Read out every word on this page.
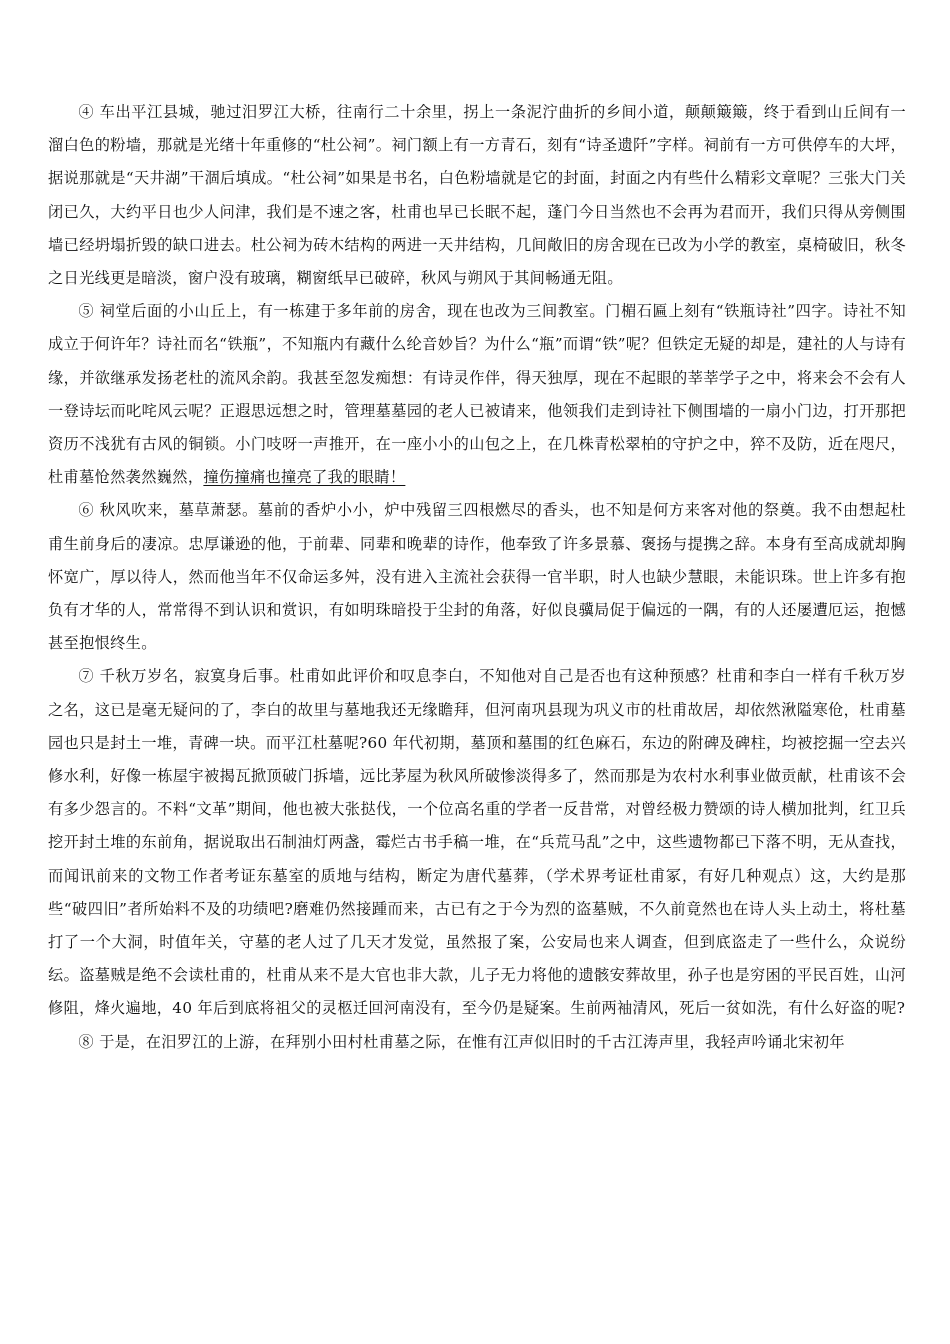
④ 车出平江县城，驰过汨罗江大桥，往南行二十余里，拐上一条泥泞曲折的乡间小道，颠颠簸簸，终于看到山丘间有一溜白色的粉墙，那就是光绪十年重修的“杜公祠”。祠门额上有一方青石，刻有“诗圣遗阡”字样。祠前有一方可供停车的大坪，据说那就是“天井湖”干涸后填成。“杜公祠”如果是书名，白色粉墙就是它的封面，封面之内有些什么精彩文章呢？三张大门关闭已久，大约平日也少人问津，我们是不速之客，杜甫也早已长眠不起，蓬门今日当然也不会再为君而开，我们只得从旁侧围墙已经坍塌折毁的缺口进去。杜公祠为砖木结构的两进一天井结构，几间敞旧的房舍现在已改为小学的教室，桌椅破旧，秋冬之日光线更是暗淡，窗户没有玻璃，糊窗纸早已破碎，秋风与朔风于其间畅通无阻。

⑤ 祠堂后面的小山丘上，有一栋建于多年前的房舍，现在也改为三间教室。门楣石匾上刻有“铁瓶诗社”四字。诗社不知成立于何许年？诗社而名“铁瓶”，不知瓶内有藏什么纶音妙旨？为什么“瓶”而谓“铁”呢？但铁定无疑的却是，建社的人与诗有缘，并欲继承发扬老杜的流风余韵。我甚至忽发痴想：有诗灵作伴，得天独厚，现在不起眼的莘莘学子之中，将来会不会有人一登诗坛而叱咤风云呢？正遐思远想之时，管理墓墓园的老人已被请来，他领我们走到诗社下侧围墙的一扇小门边，打开那把资历不浅犹有古风的铜锁。小门吱呀一声推开，在一座小小的山包之上，在几株青松翠柏的守护之中，猝不及防，近在咫尺，杜甫墓怆然袭然巍然，撞伤撞痛也撞亮了我的眼睛！

⑥ 秋风吹来，墓草萧瑟。墓前的香炉小小，炉中残留三四根燃尽的香头，也不知是何方来客对他的祭奠。我不由想起杜甫生前身后的凄凉。忠厚谦逊的他，于前辈、同辈和晚辈的诗作，他奉致了许多景慕、褒扬与提携之辞。本身有至高成就却胸怀宽广，厚以待人，然而他当年不仅命运多舛，没有进入主流社会获得一官半职，时人也缺少慧眼，未能识珠。世上许多有抱负有才华的人，常常得不到认识和赏识，有如明珠暗投于尘封的角落，好似良骥局促于偏远的一隅，有的人还屡遭厄运，抱憾甚至抱恨终生。

⑦ 千秋万岁名，寂寞身后事。杜甫如此评价和叹息李白，不知他对自己是否也有这种预感？杜甫和李白一样有千秋万岁之名，这已是毫无疑问的了，李白的故里与墓地我还无缘瞻拜，但河南巩县现为巩义市的杜甫故居，却依然湫隘寒伧，杜甫墓园也只是封土一堆，青碑一块。而平江杜墓呢?60 年代初期，墓顶和墓围的红色麻石，东边的附碑及碑柱，均被挖掘一空去兴修水利，好像一栋屋宇被揭瓦掀顶破门拆墙，远比茅屋为秋风所破惨淡得多了，然而那是为农村水利事业做贡献，杜甫该不会有多少怨言的。不料“文革”期间，他也被大张挞伐，一个位高名重的学者一反昔常，对曾经极力赞颂的诗人横加批判，红卫兵挖开封土堆的东前角，据说取出石制油灯两盏，霉烂古书手稿一堆，在“兵荒马乱”之中，这些遗物都已下落不明，无从查找，而闻讯前来的文物工作者考证东墓室的质地与结构，断定为唐代墓葬，（学术界考证杜甫冢，有好几种观点）这，大约是那些“破四旧”者所始料不及的功绩吧?磨难仍然接踵而来，古已有之于今为烈的盗墓贼，不久前竟然也在诗人头上动土，将杜墓打了一个大洞，时值年关，守墓的老人过了几天才发觉，虽然报了案，公安局也来人调查，但到底盗走了一些什么，众说纷纭。盗墓贼是绝不会读杜甫的，杜甫从来不是大官也非大款，儿子无力将他的遗骸安葬故里，孙子也是穷困的平民百姓，山河修阻，烽火遍地，40 年后到底将祖父的灵柩迁回河南没有，至今仍是疑案。生前两袖清风，死后一贫如洗，有什么好盗的呢?

⑧ 于是，在汨罗江的上游，在拜别小田村杜甫墓之际，在惟有江声似旧时的千古江涛声里，我轻声吟诵北宋初年
